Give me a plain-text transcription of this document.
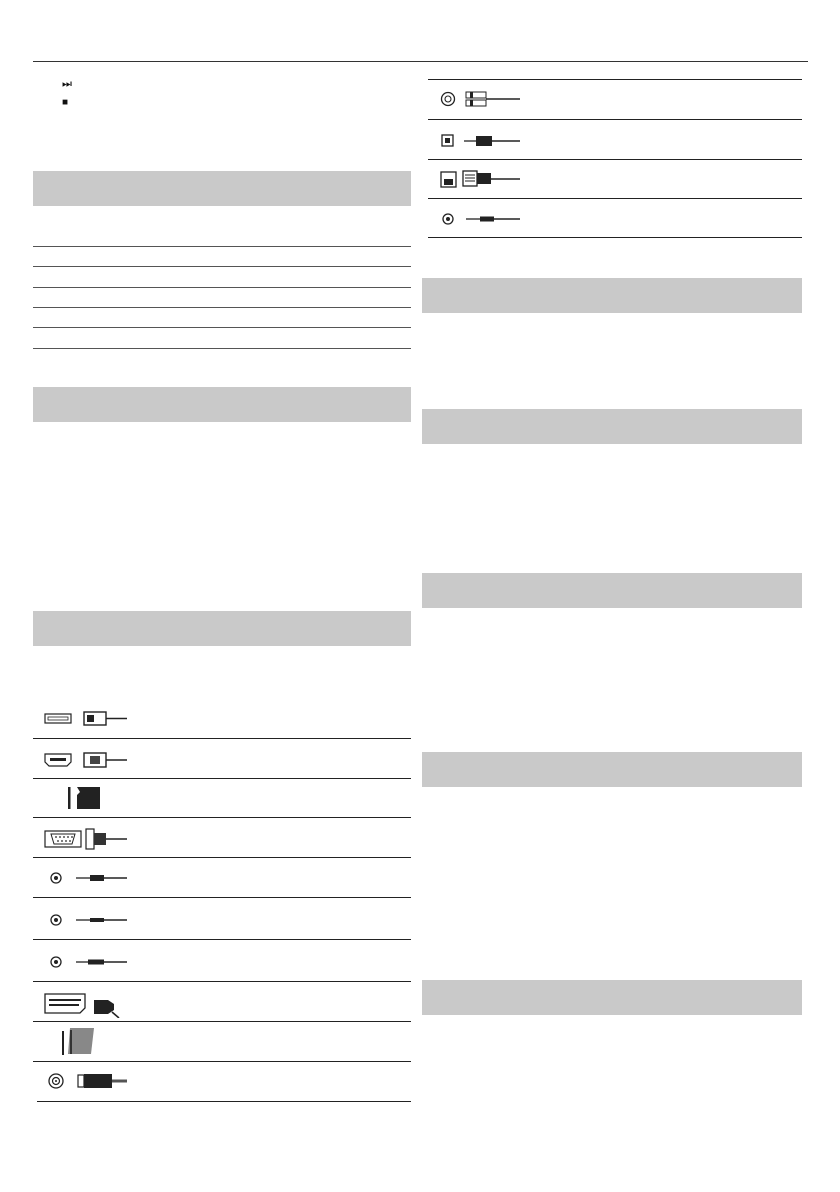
⏭
■
